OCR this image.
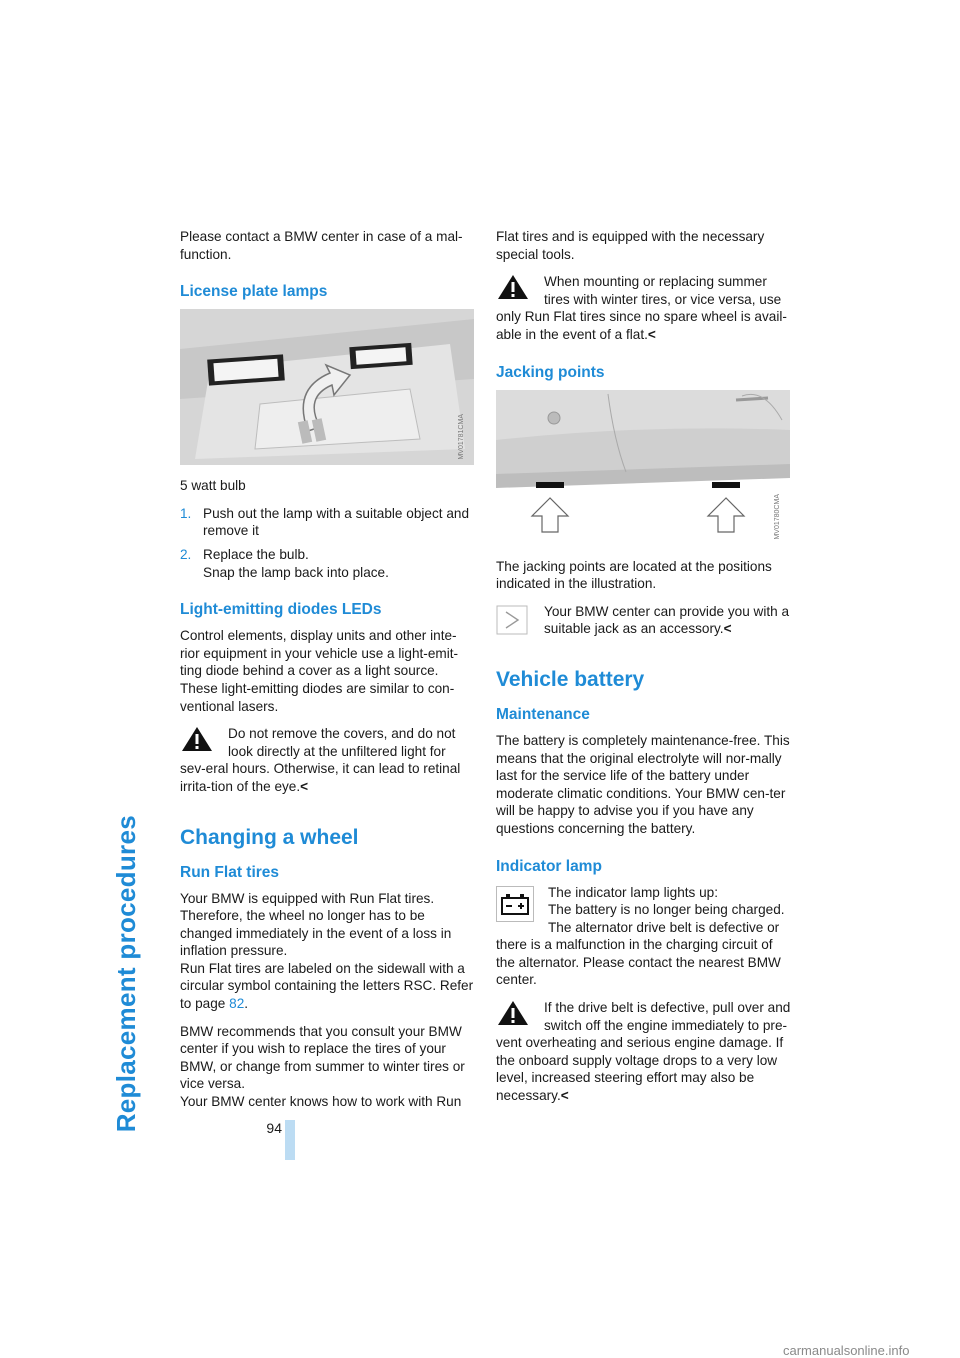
Replacement procedures	94

Please contact a BMW center in case of a mal-function.

License plate lamps
MV01781CMA

5 watt bulb

1. Push out the lamp with a suitable object and remove it
2. Replace the bulb.
Snap the lamp back into place.
Light-emitting diodes LEDs

Control elements, display units and other inte-rior equipment in your vehicle use a light-emit-ting diode behind a cover as a light source. These light-emitting diodes are similar to con-ventional lasers.

Do not remove the covers, and do not look directly at the unfiltered light for sev-eral hours. Otherwise, it can lead to retinal irrita-tion of the eye.<
Changing a wheel
Run Flat tires

Your BMW is equipped with Run Flat tires. Therefore, the wheel no longer has to be changed immediately in the event of a loss in inflation pressure.
Run Flat tires are labeled on the sidewall with a circular symbol containing the letters RSC. Refer to page 82.

BMW recommends that you consult your BMW center if you wish to replace the tires of your BMW, or change from summer to winter tires or vice versa.
Your BMW center knows how to work with Run

Flat tires and is equipped with the necessary special tools.

When mounting or replacing summer tires with winter tires, or vice versa, use only Run Flat tires since no spare wheel is avail-able in the event of a flat.<
Jacking points
MV01780CMA

The jacking points are located at the positions indicated in the illustration.

Your BMW center can provide you with a suitable jack as an accessory.<
Vehicle battery
Maintenance

The battery is completely maintenance-free. This means that the original electrolyte will nor-mally last for the service life of the battery under moderate climatic conditions. Your BMW cen-ter will be happy to advise you if you have any questions concerning the battery.

Indicator lamp
The indicator lamp lights up:
The battery is no longer being charged. The alternator drive belt is defective or there is a malfunction in the charging circuit of the alternator. Please contact the nearest BMW center.
If the drive belt is defective, pull over and switch off the engine immediately to pre-vent overheating and serious engine damage. If the onboard supply voltage drops to a very low level, increased steering effort may also be necessary.<
carmanualsonline.info
